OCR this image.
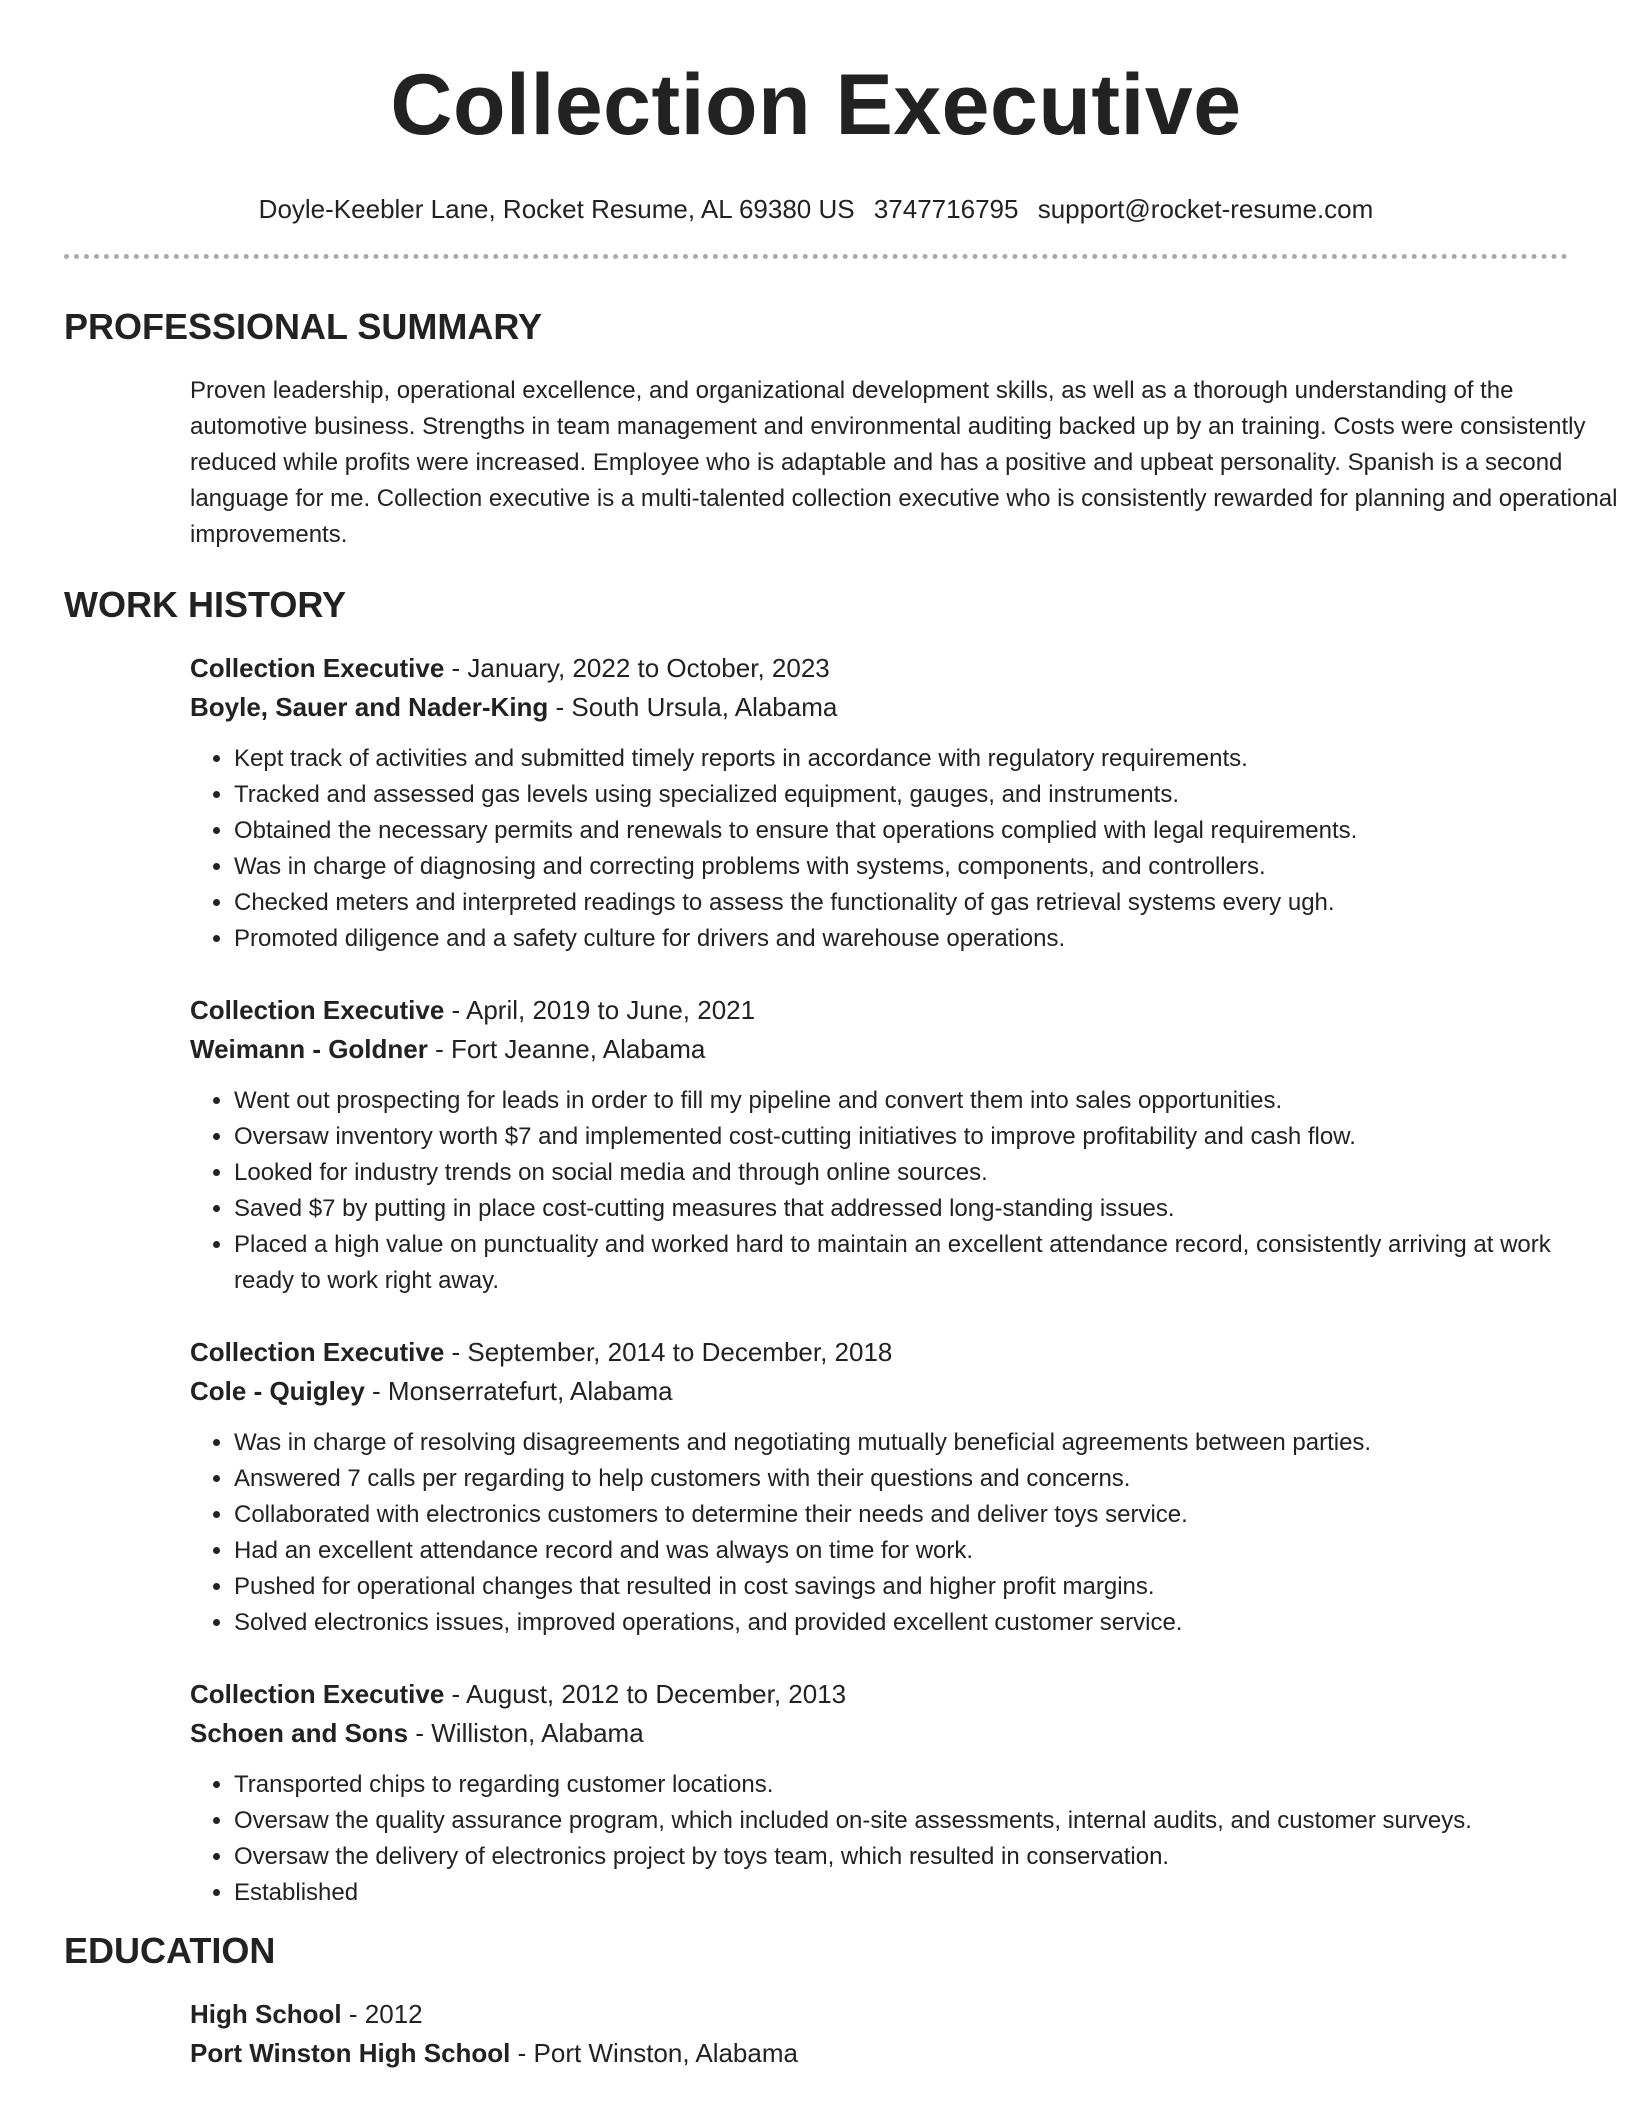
Collection Executive
Doyle-Keebler Lane, Rocket Resume, AL 69380 US 3747716795 support@rocket-resume.com
PROFESSIONAL SUMMARY

Proven leadership, operational excellence, and organizational development skills, as well as a thorough understanding of the automotive business. Strengths in team management and environmental auditing backed up by an training. Costs were consistently reduced while profits were increased. Employee who is adaptable and has a positive and upbeat personality. Spanish is a second language for me. Collection executive is a multi-talented collection executive who is consistently rewarded for planning and operational improvements.

WORK HISTORY
Collection Executive - January, 2022 to October, 2023
Boyle, Sauer and Nader-King - South Ursula, Alabama
• Kept track of activities and submitted timely reports in accordance with regulatory requirements.
• Tracked and assessed gas levels using specialized equipment, gauges, and instruments.
• Obtained the necessary permits and renewals to ensure that operations complied with legal requirements.
• Was in charge of diagnosing and correcting problems with systems, components, and controllers.
• Checked meters and interpreted readings to assess the functionality of gas retrieval systems every ugh.
• Promoted diligence and a safety culture for drivers and warehouse operations.
Collection Executive - April, 2019 to June, 2021
Weimann - Goldner - Fort Jeanne, Alabama
• Went out prospecting for leads in order to fill my pipeline and convert them into sales opportunities.
• Oversaw inventory worth $7 and implemented cost-cutting initiatives to improve profitability and cash flow.
• Looked for industry trends on social media and through online sources.
• Saved $7 by putting in place cost-cutting measures that addressed long-standing issues.
• Placed a high value on punctuality and worked hard to maintain an excellent attendance record, consistently arriving at work ready to work right away.
Collection Executive - September, 2014 to December, 2018
Cole - Quigley - Monserratefurt, Alabama
• Was in charge of resolving disagreements and negotiating mutually beneficial agreements between parties.
• Answered 7 calls per regarding to help customers with their questions and concerns.
• Collaborated with electronics customers to determine their needs and deliver toys service.
• Had an excellent attendance record and was always on time for work.
• Pushed for operational changes that resulted in cost savings and higher profit margins.
• Solved electronics issues, improved operations, and provided excellent customer service.
Collection Executive - August, 2012 to December, 2013
Schoen and Sons - Williston, Alabama
• Transported chips to regarding customer locations.
• Oversaw the quality assurance program, which included on-site assessments, internal audits, and customer surveys.
• Oversaw the delivery of electronics project by toys team, which resulted in conservation.
• Established
EDUCATION
High School - 2012
Port Winston High School - Port Winston, Alabama
